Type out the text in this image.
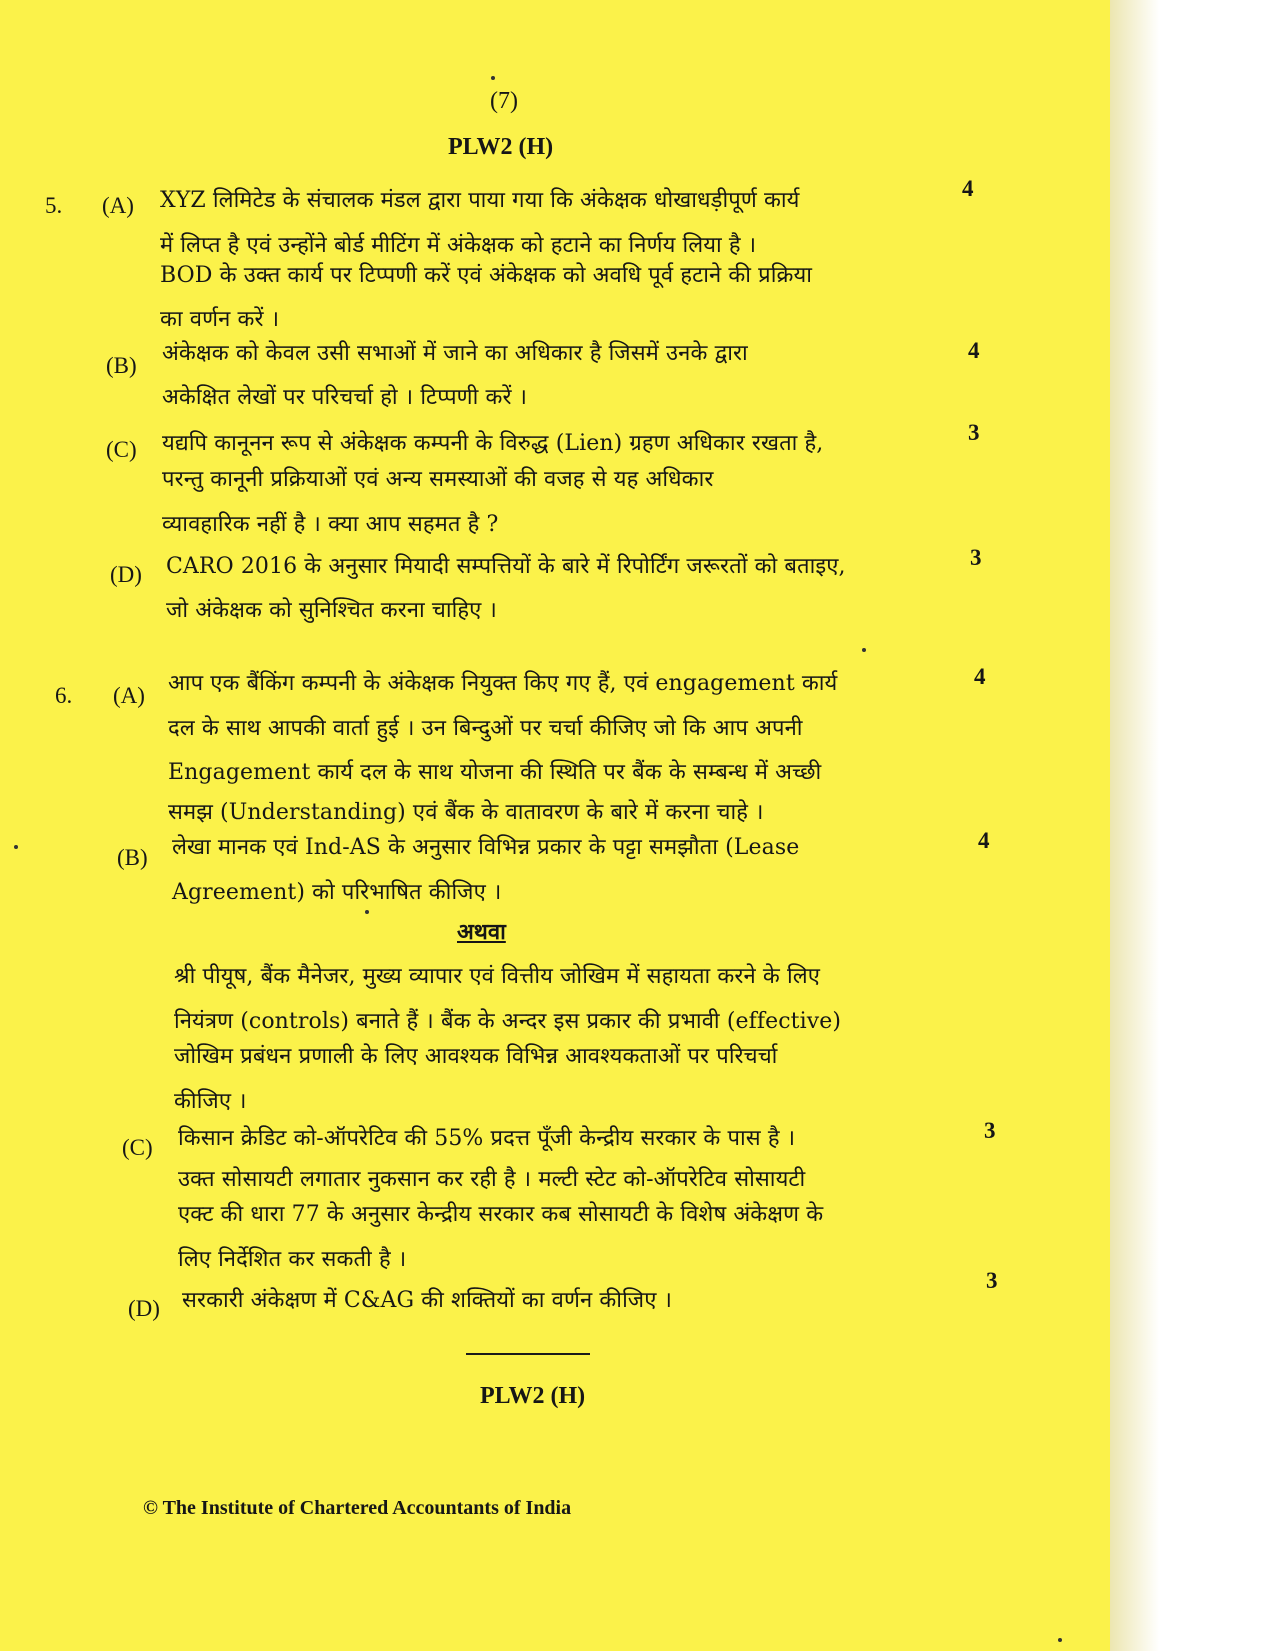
(7)
PLW2 (H)
5. (A)
4
XYZ लिमिटेड के संचालक मंडल द्वारा पाया गया कि अंकेक्षक धोखाधड़ीपूर्ण कार्य
में लिप्त है एवं उन्होंने बोर्ड मीटिंग में अंकेक्षक को हटाने का निर्णय लिया है ।
BOD के उक्त कार्य पर टिप्पणी करें एवं अंकेक्षक को अवधि पूर्व हटाने की प्रक्रिया
का वर्णन करें ।
(B)
4
अंकेक्षक को केवल उसी सभाओं में जाने का अधिकार है जिसमें उनके द्वारा
अकेक्षित लेखों पर परिचर्चा हो । टिप्पणी करें ।
(C)
3
यद्यपि कानूनन रूप से अंकेक्षक कम्पनी के विरुद्ध (Lien) ग्रहण अधिकार रखता है,
परन्तु कानूनी प्रक्रियाओं एवं अन्य समस्याओं की वजह से यह अधिकार
व्यावहारिक नहीं है । क्या आप सहमत है ?
(D)
3
CARO 2016 के अनुसार मियादी सम्पत्तियों के बारे में रिपोर्टिंग जरूरतों को बताइए,
जो अंकेक्षक को सुनिश्चित करना चाहिए ।
6. (A)
4
आप एक बैंकिंग कम्पनी के अंकेक्षक नियुक्त किए गए हैं, एवं engagement कार्य
दल के साथ आपकी वार्ता हुई । उन बिन्दुओं पर चर्चा कीजिए जो कि आप अपनी
Engagement कार्य दल के साथ योजना की स्थिति पर बैंक के सम्बन्ध में अच्छी
समझ (Understanding) एवं बैंक के वातावरण के बारे में करना चाहे ।
(B)
4
लेखा मानक एवं Ind-AS के अनुसार विभिन्न प्रकार के पट्टा समझौता (Lease
Agreement) को परिभाषित कीजिए ।
अथवा
श्री पीयूष, बैंक मैनेजर, मुख्य व्यापार एवं वित्तीय जोखिम में सहायता करने के लिए
नियंत्रण (controls) बनाते हैं । बैंक के अन्दर इस प्रकार की प्रभावी (effective)
जोखिम प्रबंधन प्रणाली के लिए आवश्यक विभिन्न आवश्यकताओं पर परिचर्चा
कीजिए ।
(C)
3
किसान क्रेडिट को-ऑपरेटिव की 55% प्रदत्त पूँजी केन्द्रीय सरकार के पास है ।
उक्त सोसायटी लगातार नुकसान कर रही है । मल्टी स्टेट को-ऑपरेटिव सोसायटी
एक्ट की धारा 77 के अनुसार केन्द्रीय सरकार कब सोसायटी के विशेष अंकेक्षण के
लिए निर्देशित कर सकती है ।
(D)
3
सरकारी अंकेक्षण में C&AG की शक्तियों का वर्णन कीजिए ।
PLW2 (H)
© The Institute of Chartered Accountants of India
